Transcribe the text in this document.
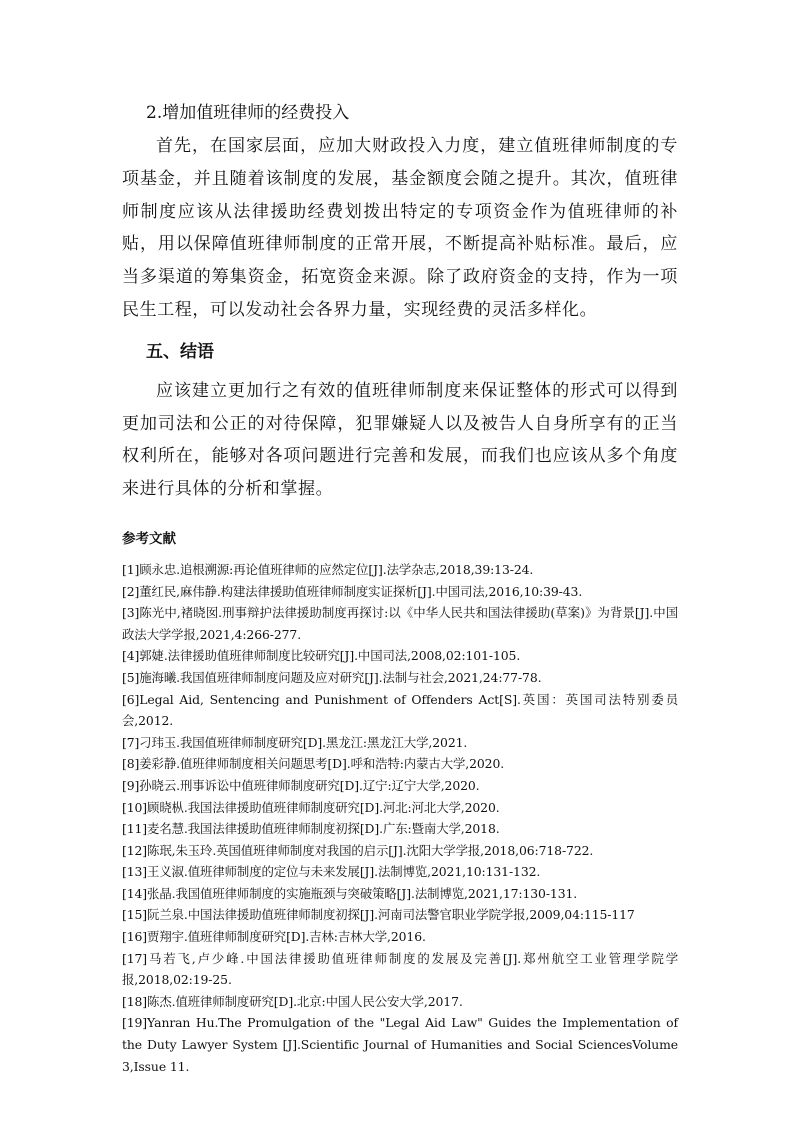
2.增加值班律师的经费投入

首先，在国家层面，应加大财政投入力度，建立值班律师制度的专项基金，并且随着该制度的发展，基金额度会随之提升。其次，值班律师制度应该从法律援助经费划拨出特定的专项资金作为值班律师的补贴，用以保障值班律师制度的正常开展，不断提高补贴标准。最后，应当多渠道的筹集资金，拓宽资金来源。除了政府资金的支持，作为一项民生工程，可以发动社会各界力量，实现经费的灵活多样化。

五、结语

应该建立更加行之有效的值班律师制度来保证整体的形式可以得到更加司法和公正的对待保障，犯罪嫌疑人以及被告人自身所享有的正当权利所在，能够对各项问题进行完善和发展，而我们也应该从多个角度来进行具体的分析和掌握。

参考文献
[1]顾永忠.追根溯源:再论值班律师的应然定位[J].法学杂志,2018,39:13-24.
[2]董红民,麻伟静.构建法律援助值班律师制度实证探析[J].中国司法,2016,10:39-43.
[3]陈光中,褚晓囡.刑事辩护法律援助制度再探讨:以《中华人民共和国法律援助(草案)》为背景[J].中国政法大学学报,2021,4:266-277.
[4]郭婕.法律援助值班律师制度比较研究[J].中国司法,2008,02:101-105.
[5]施海曦.我国值班律师制度问题及应对研究[J].法制与社会,2021,24:77-78.
[6]Legal Aid, Sentencing and Punishment of Offenders Act[S].英国：英国司法特别委员会,2012.
[7]刁玮玉.我国值班律师制度研究[D].黑龙江:黑龙江大学,2021.
[8]姜彩静.值班律师制度相关问题思考[D].呼和浩特:内蒙古大学,2020.
[9]孙晓云.刑事诉讼中值班律师制度研究[D].辽宁:辽宁大学,2020.
[10]顾晓枞.我国法律援助值班律师制度研究[D].河北:河北大学,2020.
[11]麦名慧.我国法律援助值班律师制度初探[D].广东:暨南大学,2018.
[12]陈珉,朱玉玲.英国值班律师制度对我国的启示[J].沈阳大学学报,2018,06:718-722.
[13]王义淑.值班律师制度的定位与未来发展[J].法制博览,2021,10:131-132.
[14]张晶.我国值班律师制度的实施瓶颈与突破策略[J].法制博览,2021,17:130-131.
[15]阮兰泉.中国法律援助值班律师制度初探[J].河南司法警官职业学院学报,2009,04:115-117
[16]贾翔宇.值班律师制度研究[D].吉林:吉林大学,2016.
[17]马若飞,卢少峰.中国法律援助值班律师制度的发展及完善[J].郑州航空工业管理学院学报,2018,02:19-25.
[18]陈杰.值班律师制度研究[D].北京:中国人民公安大学,2017.
[19]Yanran Hu.The Promulgation of the "Legal Aid Law" Guides the Implementation of the Duty Lawyer System [J].Scientific Journal of Humanities and Social SciencesVolume 3,Issue 11.
